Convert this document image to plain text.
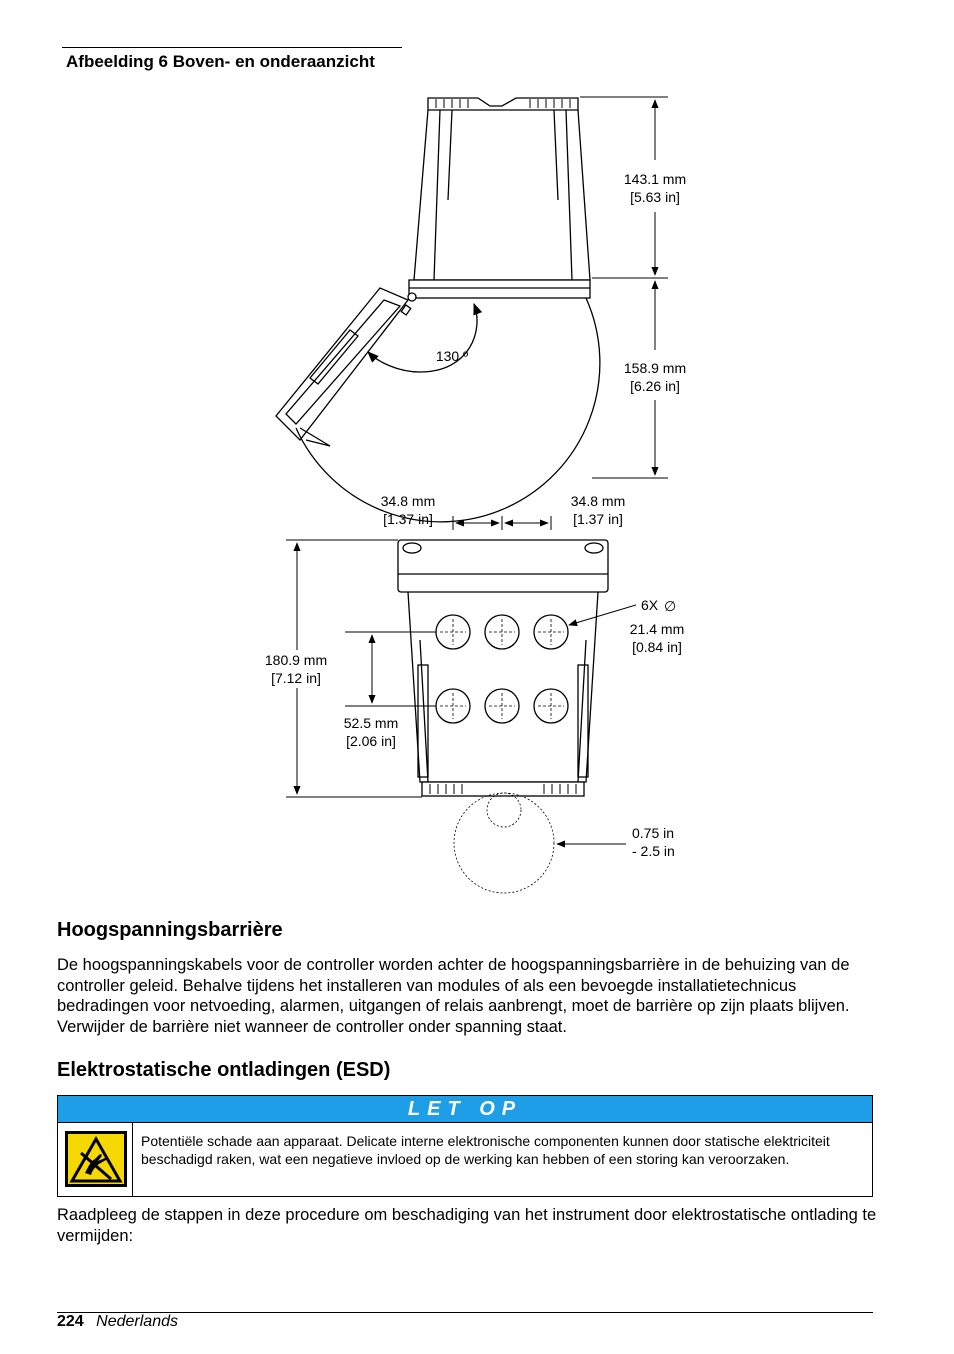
Afbeelding 6 Boven- en onderaanzicht
143.1 mm
[5.63 in]
130 º
158.9 mm
[6.26 in]
34.8 mm
[1.37 in]
34.8 mm
[1.37 in]
6X ∅
21.4 mm
[0.84 in]
180.9 mm
[7.12 in]
52.5 mm
[2.06 in]
0.75 in
- 2.5 in
Hoogspanningsbarrière
De hoogspanningskabels voor de controller worden achter de hoogspanningsbarrière in de behuizing van de controller geleid. Behalve tijdens het installeren van modules of als een bevoegde installatietechnicus bedradingen voor netvoeding, alarmen, uitgangen of relais aanbrengt, moet de barrière op zijn plaats blijven. Verwijder de barrière niet wanneer de controller onder spanning staat.
Elektrostatische ontladingen (ESD)
LET OP
Potentiële schade aan apparaat. Delicate interne elektronische componenten kunnen door statische elektriciteit beschadigd raken, wat een negatieve invloed op de werking kan hebben of een storing kan veroorzaken.
Raadpleeg de stappen in deze procedure om beschadiging van het instrument door elektrostatische ontlading te vermijden:
224 Nederlands
